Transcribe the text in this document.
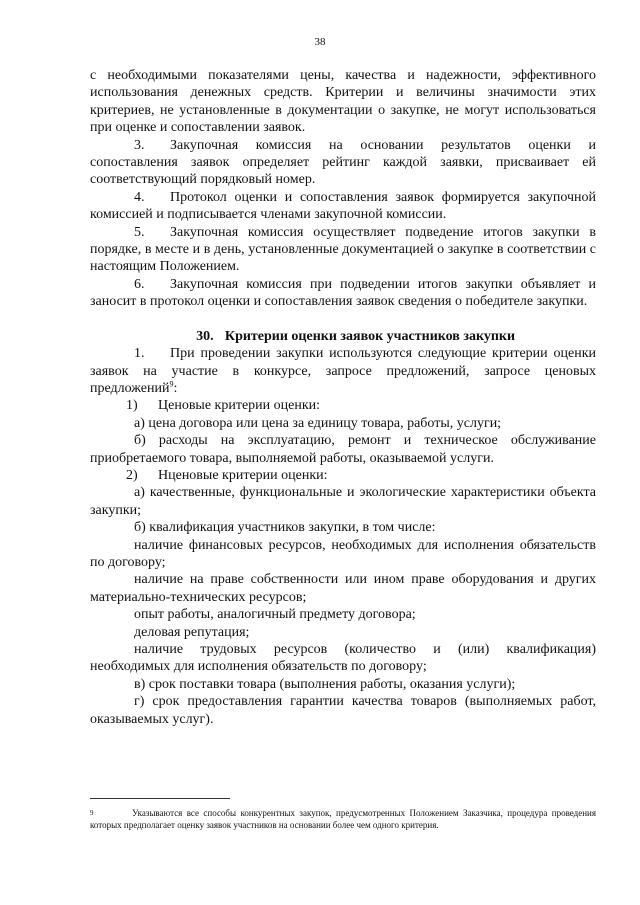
38

с необходимыми показателями цены, качества и надежности, эффективного использования денежных средств. Критерии и величины значимости этих критериев, не установленные в документации о закупке, не могут использоваться при оценке и сопоставлении заявок.

3. Закупочная комиссия на основании результатов оценки и сопоставления заявок определяет рейтинг каждой заявки, присваивает ей соответствующий порядковый номер.

4. Протокол оценки и сопоставления заявок формируется закупочной комиссией и подписывается членами закупочной комиссии.

5. Закупочная комиссия осуществляет подведение итогов закупки в порядке, в месте и в день, установленные документацией о закупке в соответствии с настоящим Положением.

6. Закупочная комиссия при подведении итогов закупки объявляет и заносит в протокол оценки и сопоставления заявок сведения о победителе закупки.

30. Критерии оценки заявок участников закупки

1. При проведении закупки используются следующие критерии оценки заявок на участие в конкурсе, запросе предложений, запросе ценовых предложений$^9$:

1) Ценовые критерии оценки:

а) цена договора или цена за единицу товара, работы, услуги;

б) расходы на эксплуатацию, ремонт и техническое обслуживание приобретаемого товара, выполняемой работы, оказываемой услуги.

2) Нценовые критерии оценки:

а) качественные, функциональные и экологические характеристики объекта закупки;

б) квалификация участников закупки, в том числе:

наличие финансовых ресурсов, необходимых для исполнения обязательств по договору;

наличие на праве собственности или ином праве оборудования и других материально-технических ресурсов;

опыт работы, аналогичный предмету договора;

деловая репутация;

наличие трудовых ресурсов (количество и (или) квалификация) необходимых для исполнения обязательств по договору;

в) срок поставки товара (выполнения работы, оказания услуги);

г) срок предоставления гарантии качества товаров (выполняемых работ, оказываемых услуг).

9	Указываются все способы конкурентных закупок, предусмотренных Положением Заказчика, процедура проведения которых предполагает оценку заявок участников на основании более чем одного критерия.
